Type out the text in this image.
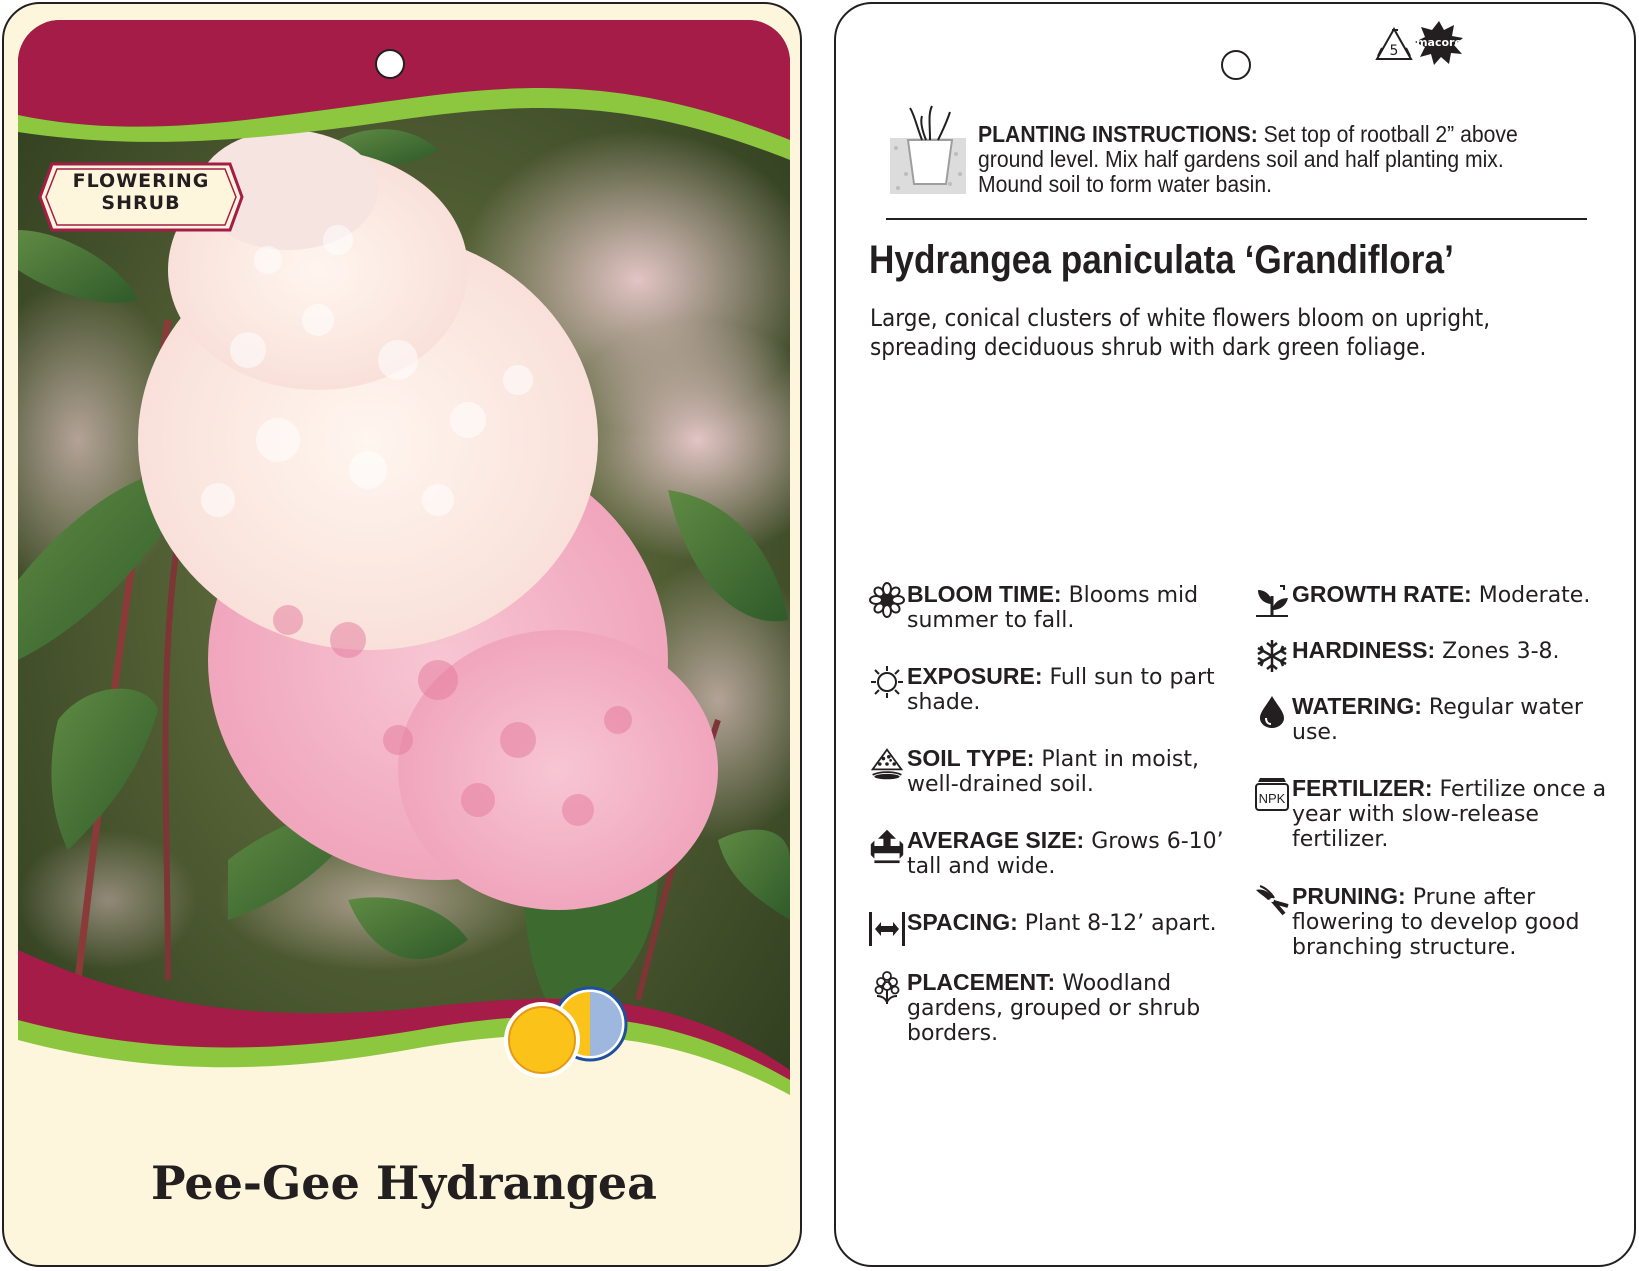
FLOWERING
SHRUB
Pee-Gee Hydrangea
5
macore
PLANTING INSTRUCTIONS: Set top of rootball 2” above
ground level. Mix half gardens soil and half planting mix.
Mound soil to form water basin.
Hydrangea paniculata ‘Grandiflora’
Large, conical clusters of white flowers bloom on upright,
spreading deciduous shrub with dark green foliage.
BLOOM TIME: Blooms mid
summer to fall.
EXPOSURE: Full sun to part
shade.
SOIL TYPE: Plant in moist,
well-drained soil.
AVERAGE SIZE: Grows 6-10’
tall and wide.
SPACING: Plant 8-12’ apart.
PLACEMENT: Woodland
gardens, grouped or shrub
borders.
GROWTH RATE: Moderate.
HARDINESS: Zones 3-8.
WATERING: Regular water
use.
NPK FERTILIZER: Fertilize once a
year with slow-release
fertilizer.
PRUNING: Prune after
flowering to develop good
branching structure.
